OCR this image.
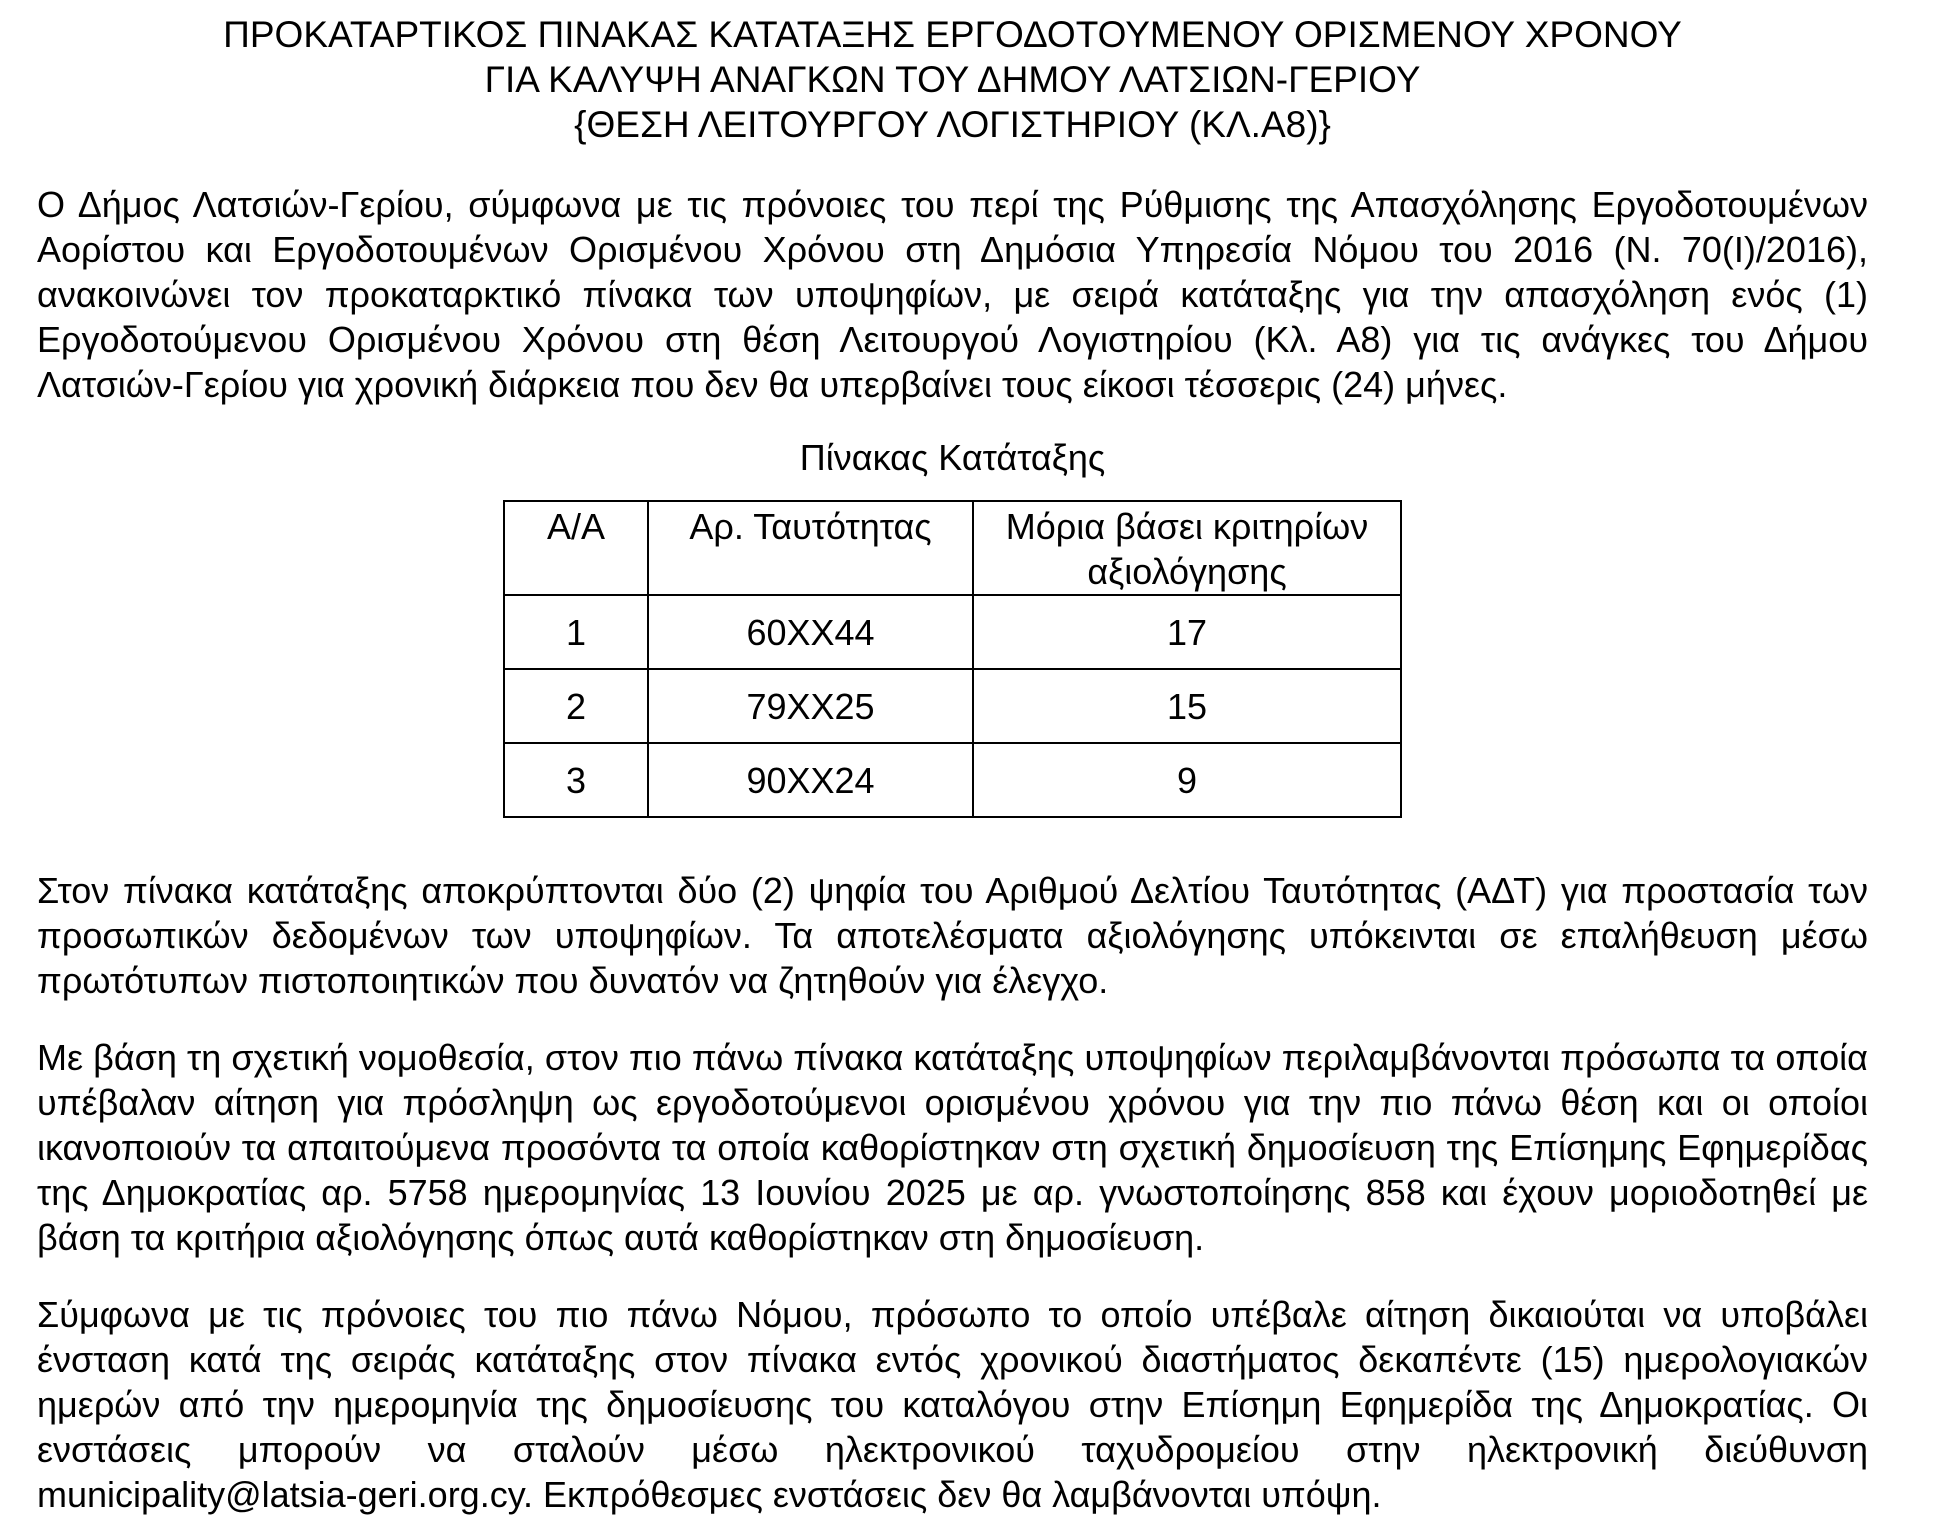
ΠΡΟΚΑΤΑΡΤΙΚΟΣ ΠΙΝΑΚΑΣ ΚΑΤΑΤΑΞΗΣ ΕΡΓΟΔΟΤΟΥΜΕΝΟΥ ΟΡΙΣΜΕΝΟΥ ΧΡΟΝΟΥ
ΓΙΑ ΚΑΛΥΨΗ ΑΝΑΓΚΩΝ ΤΟΥ ΔΗΜΟΥ ΛΑΤΣΙΩΝ-ΓΕΡΙΟΥ
{ΘΕΣΗ ΛΕΙΤΟΥΡΓΟΥ ΛΟΓΙΣΤΗΡΙΟΥ (ΚΛ.Α8)}

Ο Δήμος Λατσιών-Γερίου, σύμφωνα με τις πρόνοιες του περί της Ρύθμισης της Απασχόλησης Εργοδοτουμένων Αορίστου και Εργοδοτουμένων Ορισμένου Χρόνου στη Δημόσια Υπηρεσία Νόμου του 2016 (Ν. 70(Ι)/2016), ανακοινώνει τον προκαταρκτικό πίνακα των υποψηφίων, με σειρά κατάταξης για την απασχόληση ενός (1) Εργοδοτούμενου Ορισμένου Χρόνου στη θέση Λειτουργού Λογιστηρίου (Κλ. Α8) για τις ανάγκες του Δήμου Λατσιών-Γερίου για χρονική διάρκεια που δεν θα υπερβαίνει τους είκοσι τέσσερις (24) μήνες.

Πίνακας Κατάταξης
Α/Α	Αρ. Ταυτότητας	Μόρια βάσει κριτηρίων αξιολόγησης
1	60XX44	17
2	79XX25	15
3	90XX24	9

Στον πίνακα κατάταξης αποκρύπτονται δύο (2) ψηφία του Αριθμού Δελτίου Ταυτότητας (ΑΔΤ) για προστασία των προσωπικών δεδομένων των υποψηφίων. Τα αποτελέσματα αξιολόγησης υπόκεινται σε επαλήθευση μέσω πρωτότυπων πιστοποιητικών που δυνατόν να ζητηθούν για έλεγχο.

Με βάση τη σχετική νομοθεσία, στον πιο πάνω πίνακα κατάταξης υποψηφίων περιλαμβάνονται πρόσωπα τα οποία υπέβαλαν αίτηση για πρόσληψη ως εργοδοτούμενοι ορισμένου χρόνου για την πιο πάνω θέση και οι οποίοι ικανοποιούν τα απαιτούμενα προσόντα τα οποία καθορίστηκαν στη σχετική δημοσίευση της Επίσημης Εφημερίδας της Δημοκρατίας αρ. 5758 ημερομηνίας 13 Ιουνίου 2025 με αρ. γνωστοποίησης 858 και έχουν μοριοδοτηθεί με βάση τα κριτήρια αξιολόγησης όπως αυτά καθορίστηκαν στη δημοσίευση.

Σύμφωνα με τις πρόνοιες του πιο πάνω Νόμου, πρόσωπο το οποίο υπέβαλε αίτηση δικαιούται να υποβάλει ένσταση κατά της σειράς κατάταξης στον πίνακα εντός χρονικού διαστήματος δεκαπέντε (15) ημερολογιακών ημερών από την ημερομηνία της δημοσίευσης του καταλόγου στην Επίσημη Εφημερίδα της Δημοκρατίας. Οι ενστάσεις μπορούν να σταλούν μέσω ηλεκτρονικού ταχυδρομείου στην ηλεκτρονική διεύθυνση municipality@latsia-geri.org.cy. Εκπρόθεσμες ενστάσεις δεν θα λαμβάνονται υπόψη.
